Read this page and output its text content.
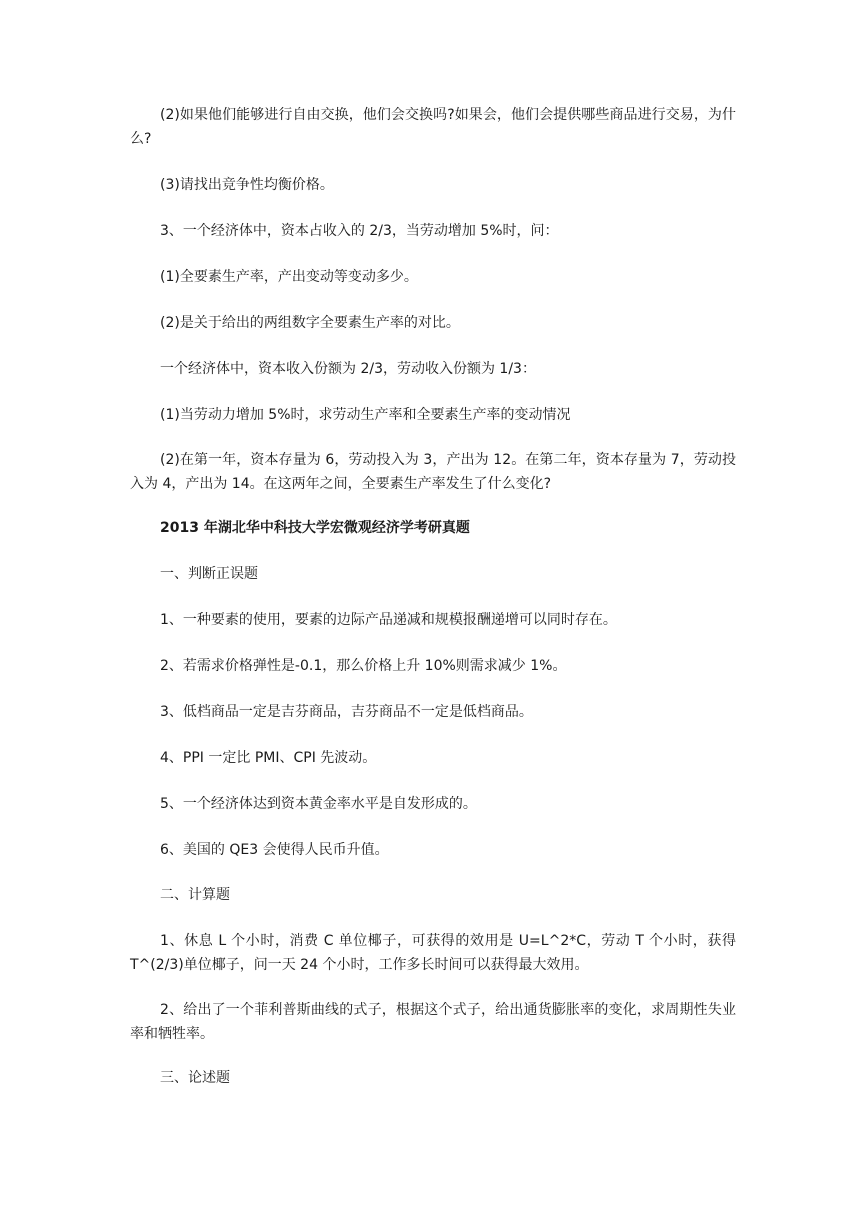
(2)如果他们能够进行自由交换，他们会交换吗?如果会，他们会提供哪些商品进行交易，为什么?

(3)请找出竞争性均衡价格。

3、一个经济体中，资本占收入的 2/3，当劳动增加 5%时，问：

(1)全要素生产率，产出变动等变动多少。

(2)是关于给出的两组数字全要素生产率的对比。

一个经济体中，资本收入份额为 2/3，劳动收入份额为 1/3：

(1)当劳动力增加 5%时，求劳动生产率和全要素生产率的变动情况

(2)在第一年，资本存量为 6，劳动投入为 3，产出为 12。在第二年，资本存量为 7，劳动投入为 4，产出为 14。在这两年之间，全要素生产率发生了什么变化?

2013 年湖北华中科技大学宏微观经济学考研真题

一、判断正误题

1、一种要素的使用，要素的边际产品递减和规模报酬递增可以同时存在。

2、若需求价格弹性是-0.1，那么价格上升 10%则需求减少 1%。

3、低档商品一定是吉芬商品，吉芬商品不一定是低档商品。

4、PPI 一定比 PMI、CPI 先波动。

5、一个经济体达到资本黄金率水平是自发形成的。

6、美国的 QE3 会使得人民币升值。

二、计算题

1、休息 L 个小时，消费 C 单位椰子，可获得的效用是 U=L^2*C，劳动 T 个小时，获得 T^(2/3)单位椰子，问一天 24 个小时，工作多长时间可以获得最大效用。

2、给出了一个菲利普斯曲线的式子，根据这个式子，给出通货膨胀率的变化，求周期性失业率和牺牲率。

三、论述题
